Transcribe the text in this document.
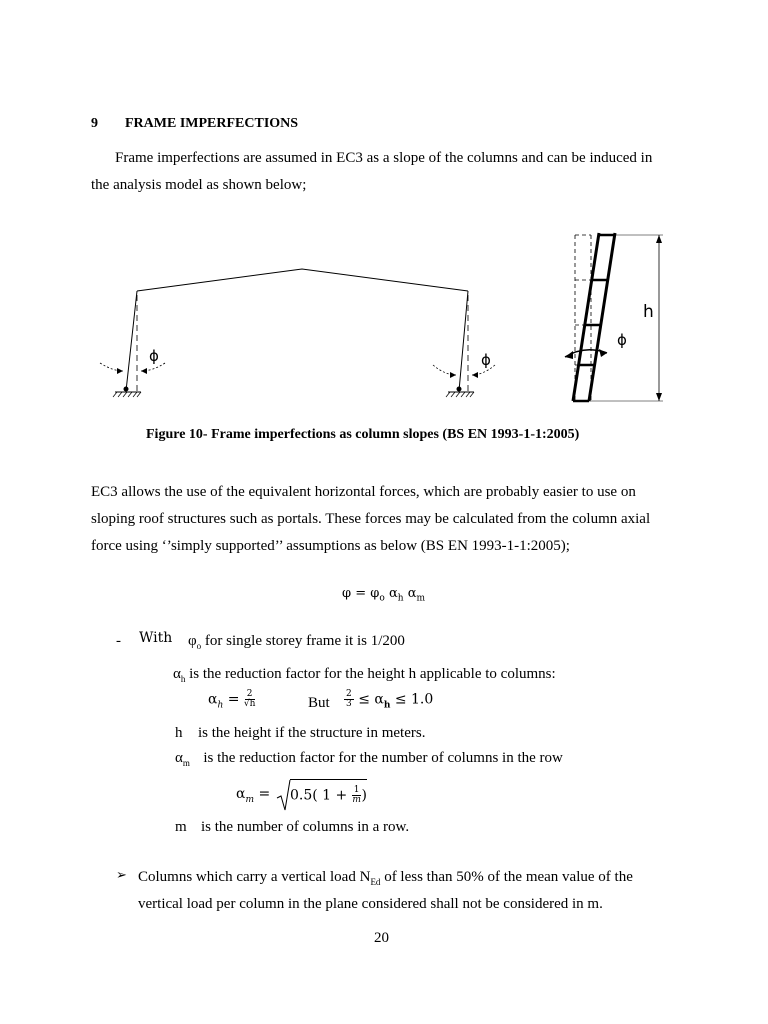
9 FRAME IMPERFECTIONS
Frame imperfections are assumed in EC3 as a slope of the columns and can be induced in
the analysis model as shown below;
ϕ	ϕ
h
ϕ
Figure 10- Frame imperfections as column slopes (BS EN 1993-1-1:2005)
EC3 allows the use of the equivalent horizontal forces, which are probably easier to use on
sloping roof structures such as portals. These forces may be calculated from the column axial
force using ‘’simply supported’’ assumptions as below (BS EN 1993-1-1:2005);
$\varphi = \varphi_o$ $\alpha_h$ $\alpha_m$
- With $\varphi_o$ for single storey frame it is 1/200
$\alpha_h$ is the reduction factor for the height h applicable to columns:
$\alpha_h = \frac{2}{√h}$	But $\frac{2}{3} \le \alpha_h \le 1.0$
h is the height if the structure in meters.
$\alpha_m$ is the reduction factor for the number of columns in the row
$\alpha_m = 0.5$( $1 + \frac{1}{m}$ )
m is the number of columns in a row.
➢ Columns which carry a vertical load $N_{Ed}$ of less than 50% of the mean value of the
vertical load per column in the plane considered shall not be considered in m.
20
